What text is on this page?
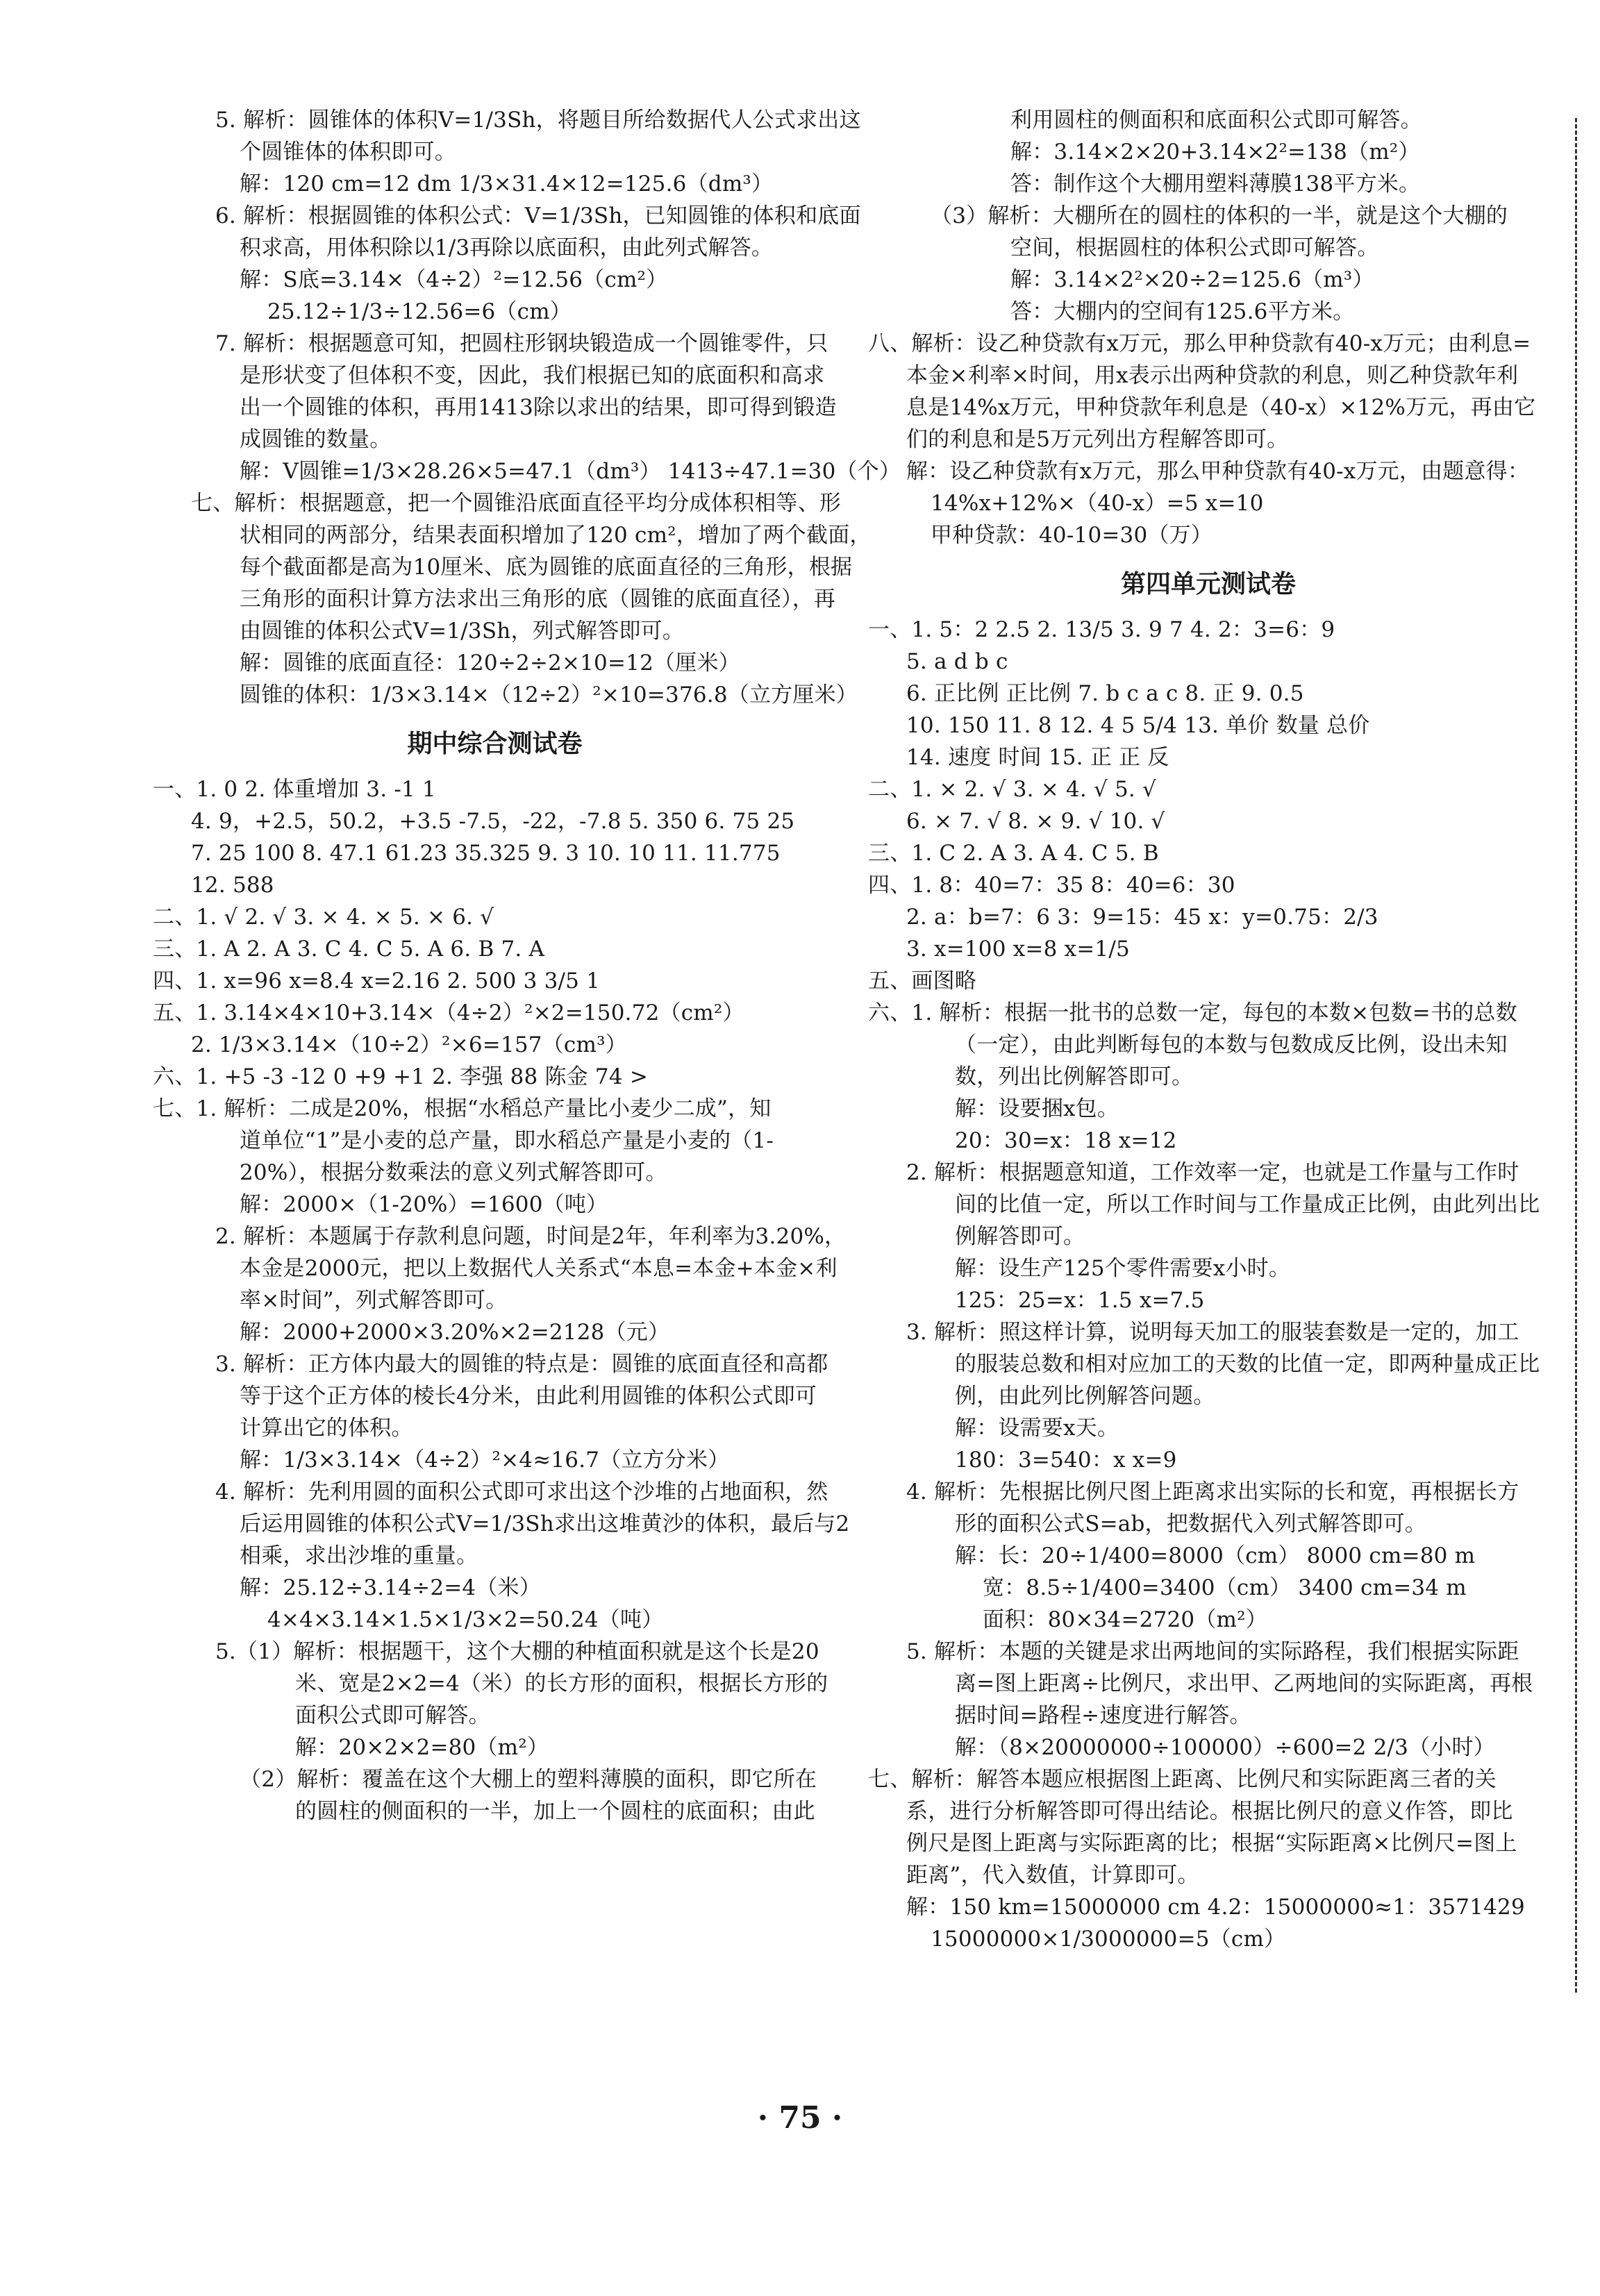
5. 解析：圆锥体的体积V=1/3Sh，将题目所给数据代人公式求出这
个圆锥体的体积即可。
解：120 cm=12 dm 1/3×31.4×12=125.6（dm³）
6. 解析：根据圆锥的体积公式：V=1/3Sh，已知圆锥的体积和底面
积求高，用体积除以1/3再除以底面积，由此列式解答。
解：S底=3.14×（4÷2）²=12.56（cm²）
25.12÷1/3÷12.56=6（cm）
7. 解析：根据题意可知，把圆柱形钢块锻造成一个圆锥零件，只
是形状变了但体积不变，因此，我们根据已知的底面积和高求
出一个圆锥的体积，再用1413除以求出的结果，即可得到锻造
成圆锥的数量。
解：V圆锥=1/3×28.26×5=47.1（dm³） 1413÷47.1=30（个）
七、解析：根据题意，把一个圆锥沿底面直径平均分成体积相等、形
状相同的两部分，结果表面积增加了120 cm²，增加了两个截面，
每个截面都是高为10厘米、底为圆锥的底面直径的三角形，根据
三角形的面积计算方法求出三角形的底（圆锥的底面直径），再
由圆锥的体积公式V=1/3Sh，列式解答即可。
解：圆锥的底面直径：120÷2÷2×10=12（厘米）
圆锥的体积：1/3×3.14×（12÷2）²×10=376.8（立方厘米）
期中综合测试卷
一、1. 0 2. 体重增加 3. -1 1
4. 9，+2.5，50.2，+3.5 -7.5，-22，-7.8 5. 350 6. 75 25
7. 25 100 8. 47.1 61.23 35.325 9. 3 10. 10 11. 11.775
12. 588
二、1. √ 2. √ 3. × 4. × 5. × 6. √
三、1. A 2. A 3. C 4. C 5. A 6. B 7. A
四、1. x=96 x=8.4 x=2.16 2. 500 3 3/5 1
五、1. 3.14×4×10+3.14×（4÷2）²×2=150.72（cm²）
2. 1/3×3.14×（10÷2）²×6=157（cm³）
六、1. +5 -3 -12 0 +9 +1 2. 李强 88 陈金 74 >
七、1. 解析：二成是20%，根据“水稻总产量比小麦少二成”，知
道单位“1”是小麦的总产量，即水稻总产量是小麦的（1-
20%），根据分数乘法的意义列式解答即可。
解：2000×（1-20%）=1600（吨）
2. 解析：本题属于存款利息问题，时间是2年，年利率为3.20%，
本金是2000元，把以上数据代人关系式“本息=本金+本金×利
率×时间”，列式解答即可。
解：2000+2000×3.20%×2=2128（元）
3. 解析：正方体内最大的圆锥的特点是：圆锥的底面直径和高都
等于这个正方体的棱长4分米，由此利用圆锥的体积公式即可
计算出它的体积。
解：1/3×3.14×（4÷2）²×4≈16.7（立方分米）
4. 解析：先利用圆的面积公式即可求出这个沙堆的占地面积，然
后运用圆锥的体积公式V=1/3Sh求出这堆黄沙的体积，最后与2
相乘，求出沙堆的重量。
解：25.12÷3.14÷2=4（米）
4×4×3.14×1.5×1/3×2=50.24（吨）
5.（1）解析：根据题干，这个大棚的种植面积就是这个长是20
米、宽是2×2=4（米）的长方形的面积，根据长方形的
面积公式即可解答。
解：20×2×2=80（m²）
（2）解析：覆盖在这个大棚上的塑料薄膜的面积，即它所在
的圆柱的侧面积的一半，加上一个圆柱的底面积；由此
利用圆柱的侧面积和底面积公式即可解答。
解：3.14×2×20+3.14×2²=138（m²）
答：制作这个大棚用塑料薄膜138平方米。
（3）解析：大棚所在的圆柱的体积的一半，就是这个大棚的
空间，根据圆柱的体积公式即可解答。
解：3.14×2²×20÷2=125.6（m³）
答：大棚内的空间有125.6平方米。
八、解析：设乙种贷款有x万元，那么甲种贷款有40-x万元；由利息=
本金×利率×时间，用x表示出两种贷款的利息，则乙种贷款年利
息是14%x万元，甲种贷款年利息是（40-x）×12%万元，再由它
们的利息和是5万元列出方程解答即可。
解：设乙种贷款有x万元，那么甲种贷款有40-x万元，由题意得：
14%x+12%×（40-x）=5 x=10
甲种贷款：40-10=30（万）
第四单元测试卷
一、1. 5：2 2.5 2. 13/5 3. 9 7 4. 2：3=6：9
5. a d b c
6. 正比例 正比例 7. b c a c 8. 正 9. 0.5
10. 150 11. 8 12. 4 5 5/4 13. 单价 数量 总价
14. 速度 时间 15. 正 正 反
二、1. × 2. √ 3. × 4. √ 5. √
6. × 7. √ 8. × 9. √ 10. √
三、1. C 2. A 3. A 4. C 5. B
四、1. 8：40=7：35 8：40=6：30
2. a：b=7：6 3：9=15：45 x：y=0.75：2/3
3. x=100 x=8 x=1/5
五、画图略
六、1. 解析：根据一批书的总数一定，每包的本数×包数=书的总数
（一定），由此判断每包的本数与包数成反比例，设出未知
数，列出比例解答即可。
解：设要捆x包。
20：30=x：18 x=12
2. 解析：根据题意知道，工作效率一定，也就是工作量与工作时
间的比值一定，所以工作时间与工作量成正比例，由此列出比
例解答即可。
解：设生产125个零件需要x小时。
125：25=x：1.5 x=7.5
3. 解析：照这样计算，说明每天加工的服装套数是一定的，加工
的服装总数和相对应加工的天数的比值一定，即两种量成正比
例，由此列比例解答问题。
解：设需要x天。
180：3=540：x x=9
4. 解析：先根据比例尺图上距离求出实际的长和宽，再根据长方
形的面积公式S=ab，把数据代入列式解答即可。
解：长：20÷1/400=8000（cm） 8000 cm=80 m
宽：8.5÷1/400=3400（cm） 3400 cm=34 m
面积：80×34=2720（m²）
5. 解析：本题的关键是求出两地间的实际路程，我们根据实际距
离=图上距离÷比例尺，求出甲、乙两地间的实际距离，再根
据时间=路程÷速度进行解答。
解：（8×20000000÷100000）÷600=2 2/3（小时）
七、解析：解答本题应根据图上距离、比例尺和实际距离三者的关
系，进行分析解答即可得出结论。根据比例尺的意义作答，即比
例尺是图上距离与实际距离的比；根据“实际距离×比例尺=图上
距离”，代入数值，计算即可。
解：150 km=15000000 cm 4.2：15000000≈1：3571429
15000000×1/3000000=5（cm）
· 75 ·
